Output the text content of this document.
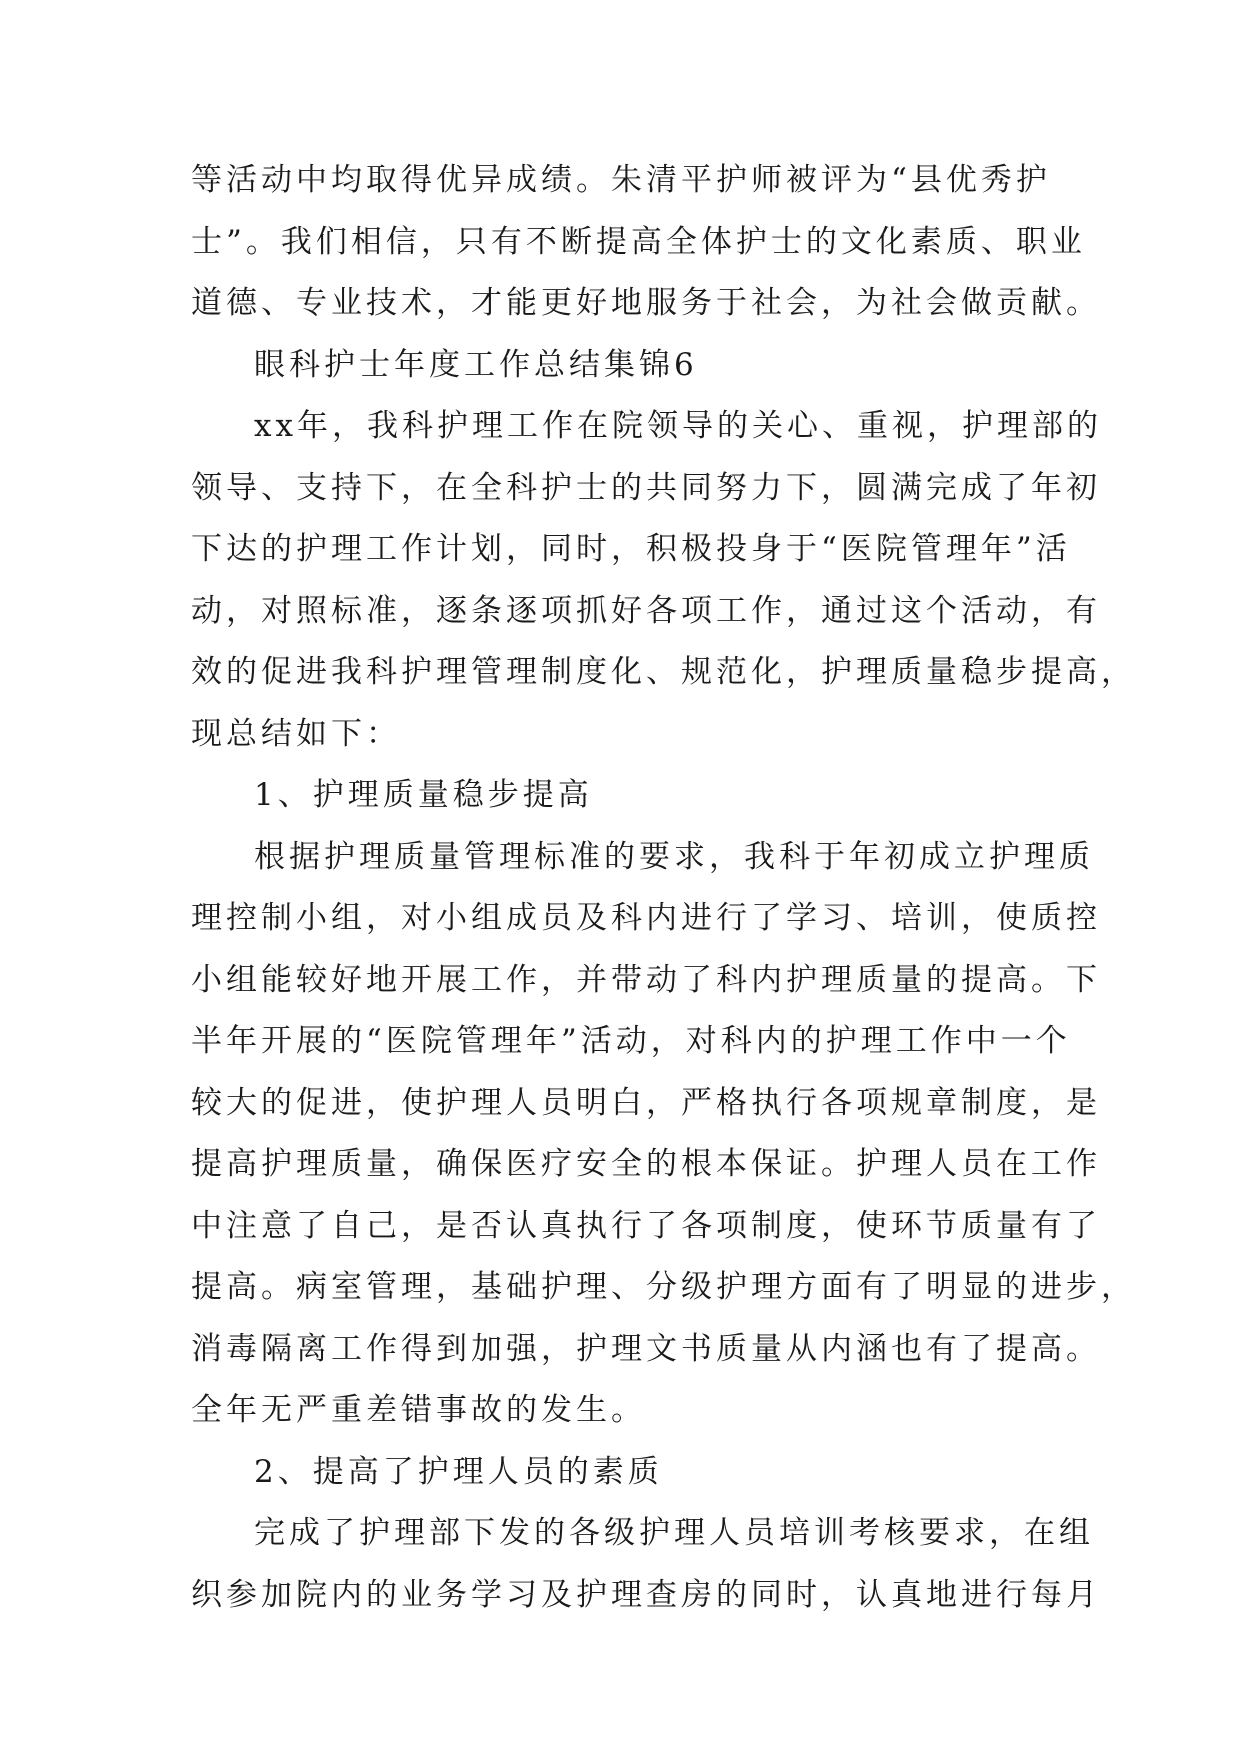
等活动中均取得优异成绩。朱清平护师被评为“县优秀护
士”。我们相信，只有不断提高全体护士的文化素质、职业
道德、专业技术，才能更好地服务于社会，为社会做贡献。
眼科护士年度工作总结集锦6
xx年，我科护理工作在院领导的关心、重视，护理部的
领导、支持下，在全科护士的共同努力下，圆满完成了年初
下达的护理工作计划，同时，积极投身于“医院管理年”活
动，对照标准，逐条逐项抓好各项工作，通过这个活动，有
效的促进我科护理管理制度化、规范化，护理质量稳步提高，
现总结如下：
1、护理质量稳步提高
根据护理质量管理标准的要求，我科于年初成立护理质
理控制小组，对小组成员及科内进行了学习、培训，使质控
小组能较好地开展工作，并带动了科内护理质量的提高。下
半年开展的“医院管理年”活动，对科内的护理工作中一个
较大的促进，使护理人员明白，严格执行各项规章制度，是
提高护理质量，确保医疗安全的根本保证。护理人员在工作
中注意了自己，是否认真执行了各项制度，使环节质量有了
提高。病室管理，基础护理、分级护理方面有了明显的进步，
消毒隔离工作得到加强，护理文书质量从内涵也有了提高。
全年无严重差错事故的发生。
2、提高了护理人员的素质
完成了护理部下发的各级护理人员培训考核要求，在组
织参加院内的业务学习及护理查房的同时，认真地进行每月
